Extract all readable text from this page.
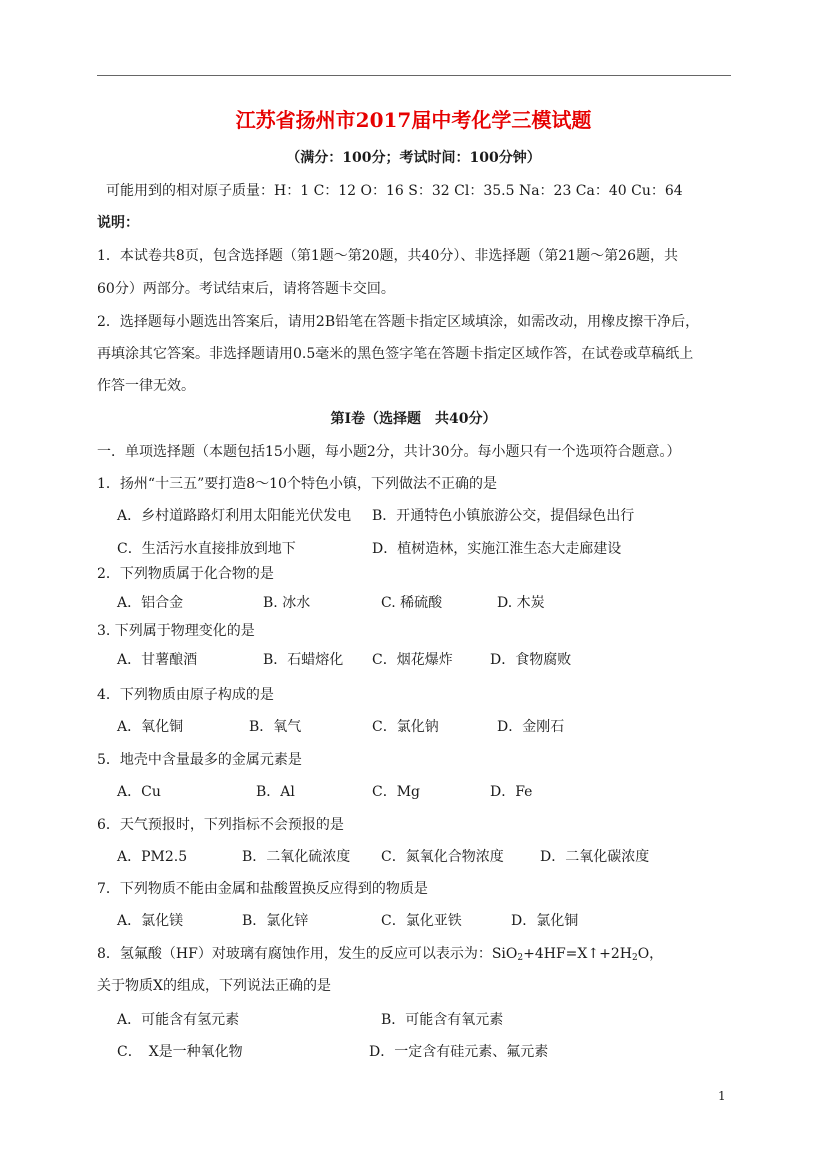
江苏省扬州市2017届中考化学三模试题
（满分：100分；考试时间：100分钟）
可能用到的相对原子质量：H：1 C：12 O：16 S：32 Cl：35.5 Na：23 Ca：40 Cu：64
说明：
1．本试卷共8页，包含选择题（第1题～第20题，共40分）、非选择题（第21题～第26题，共
60分）两部分。考试结束后，请将答题卡交回。
2．选择题每小题选出答案后，请用2B铅笔在答题卡指定区域填涂，如需改动，用橡皮擦干净后，
再填涂其它答案。非选择题请用0.5毫米的黑色签字笔在答题卡指定区域作答，在试卷或草稿纸上
作答一律无效。
第Ⅰ卷（选择题　共40分）
一．单项选择题（本题包括15小题，每小题2分，共计30分。每小题只有一个选项符合题意。）
1．扬州“十三五”要打造8～10个特色小镇，下列做法不正确的是
A．乡村道路路灯利用太阳能光伏发电 B．开通特色小镇旅游公交，提倡绿色出行
C．生活污水直接排放到地下	D．植树造林，实施江淮生态大走廊建设
2．下列物质属于化合物的是
A．铝合金	B. 冰水	C. 稀硫酸	D. 木炭
3. 下列属于物理变化的是
A．甘薯酿酒	B．石蜡熔化 C．烟花爆炸	D．食物腐败
4．下列物质由原子构成的是
A．氧化铜	B．氧气	C．氯化钠	D．金刚石
5．地壳中含量最多的金属元素是
A．Cu	B．Al	C．Mg	D．Fe
6．天气预报时，下列指标不会预报的是
A．PM2.5	B．二氧化硫浓度 C．氮氧化合物浓度	D．二氧化碳浓度
7．下列物质不能由金属和盐酸置换反应得到的物质是
A．氯化镁	B．氯化锌	C．氯化亚铁	D．氯化铜
8．氢氟酸（HF）对玻璃有腐蚀作用，发生的反应可以表示为：$SiO_2+4HF=X↑+2H_2O$，
关于物质X的组成，下列说法正确的是
A．可能含有氢元素	B．可能含有氧元素
C．　X是一种氧化物	D．一定含有硅元素、氟元素
1
